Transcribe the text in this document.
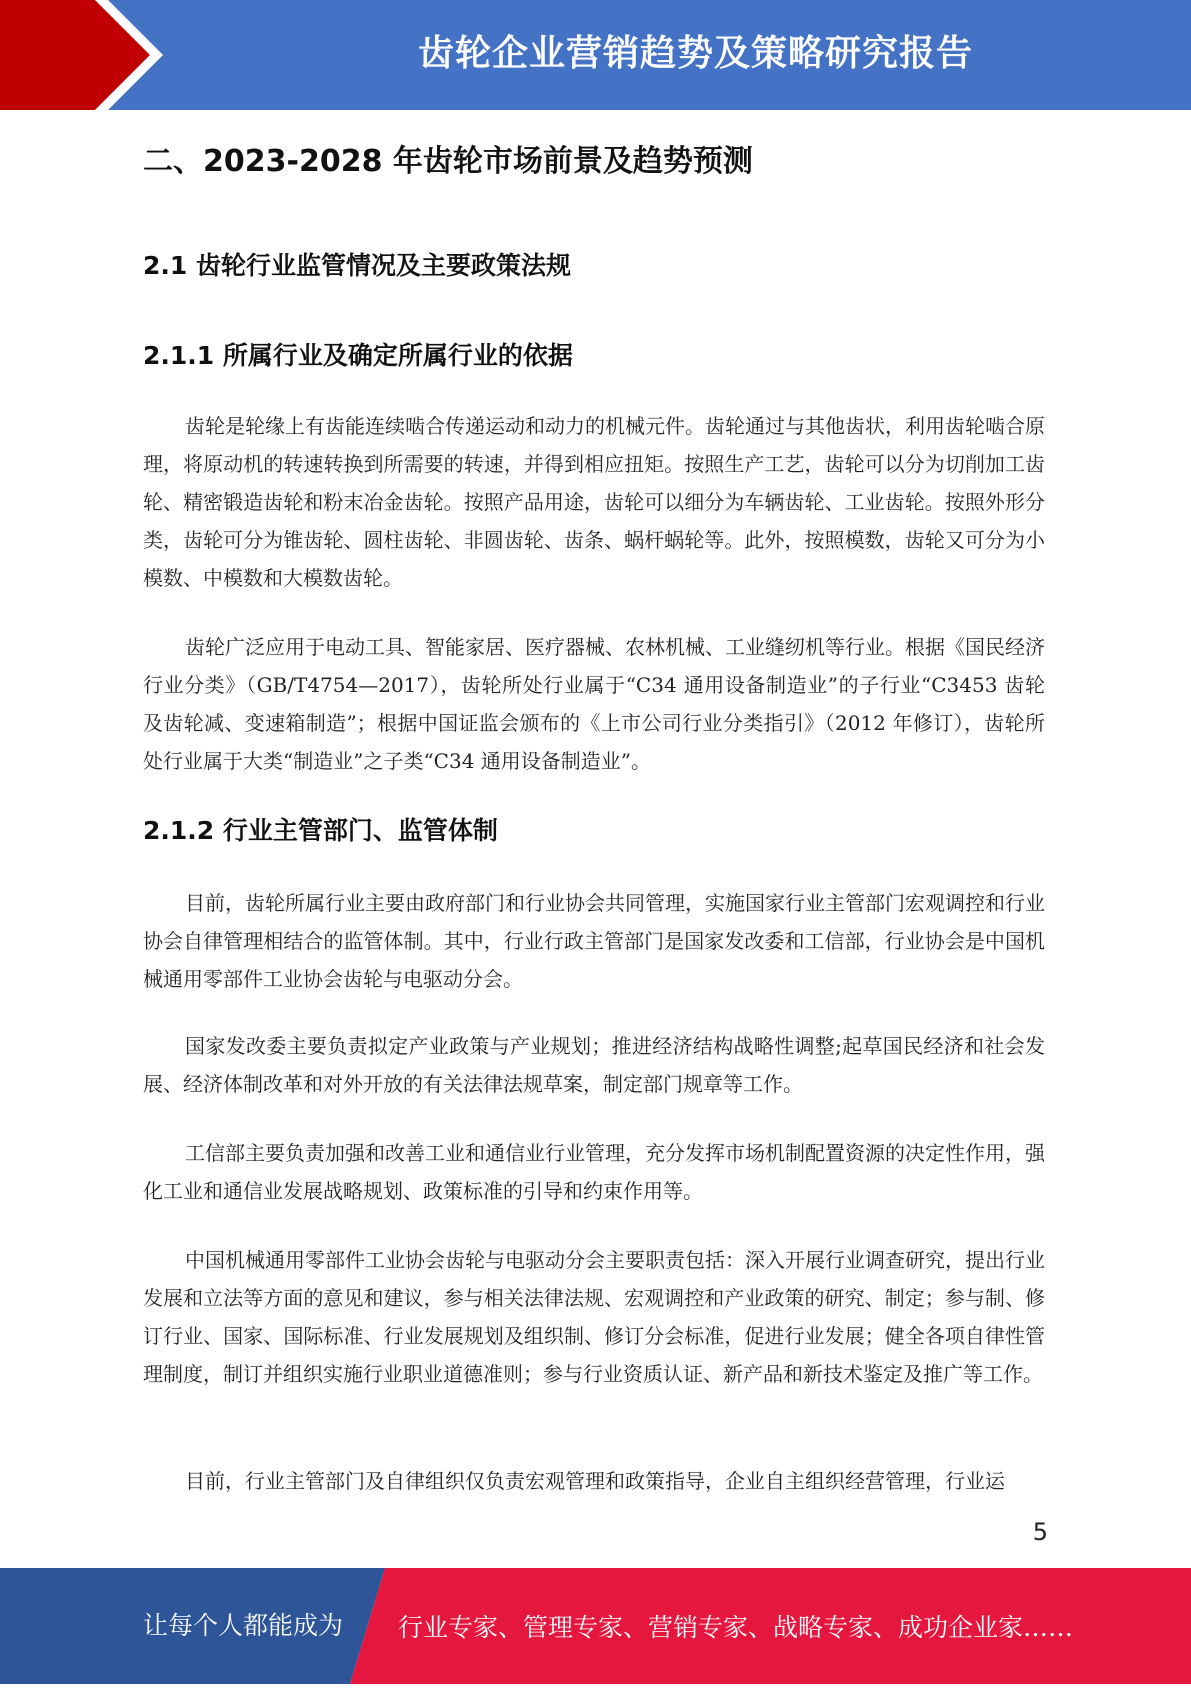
齿轮企业营销趋势及策略研究报告
二、2023-2028 年齿轮市场前景及趋势预测
2.1 齿轮行业监管情况及主要政策法规
2.1.1 所属行业及确定所属行业的依据

齿轮是轮缘上有齿能连续啮合传递运动和动力的机械元件。齿轮通过与其他齿状，利用齿轮啮合原理，将原动机的转速转换到所需要的转速，并得到相应扭矩。按照生产工艺，齿轮可以分为切削加工齿轮、精密锻造齿轮和粉末冶金齿轮。按照产品用途，齿轮可以细分为车辆齿轮、工业齿轮。按照外形分类，齿轮可分为锥齿轮、圆柱齿轮、非圆齿轮、齿条、蜗杆蜗轮等。此外，按照模数，齿轮又可分为小模数、中模数和大模数齿轮。

齿轮广泛应用于电动工具、智能家居、医疗器械、农林机械、工业缝纫机等行业。根据《国民经济行业分类》（GB/T4754—2017），齿轮所处行业属于“C34 通用设备制造业”的子行业“C3453 齿轮及齿轮减、变速箱制造”；根据中国证监会颁布的《上市公司行业分类指引》（2012 年修订），齿轮所处行业属于大类“制造业”之子类“C34 通用设备制造业”。

2.1.2 行业主管部门、监管体制

目前，齿轮所属行业主要由政府部门和行业协会共同管理，实施国家行业主管部门宏观调控和行业协会自律管理相结合的监管体制。其中，行业行政主管部门是国家发改委和工信部，行业协会是中国机械通用零部件工业协会齿轮与电驱动分会。

国家发改委主要负责拟定产业政策与产业规划；推进经济结构战略性调整;起草国民经济和社会发展、经济体制改革和对外开放的有关法律法规草案，制定部门规章等工作。

工信部主要负责加强和改善工业和通信业行业管理，充分发挥市场机制配置资源的决定性作用，强化工业和通信业发展战略规划、政策标准的引导和约束作用等。

中国机械通用零部件工业协会齿轮与电驱动分会主要职责包括：深入开展行业调查研究，提出行业发展和立法等方面的意见和建议，参与相关法律法规、宏观调控和产业政策的研究、制定；参与制、修订行业、国家、国际标准、行业发展规划及组织制、修订分会标准，促进行业发展；健全各项自律性管理制度，制订并组织实施行业职业道德准则；参与行业资质认证、新产品和新技术鉴定及推广等工作。

目前，行业主管部门及自律组织仅负责宏观管理和政策指导，企业自主组织经营管理，行业运

5
让每个人都能成为 行业专家、管理专家、营销专家、战略专家、成功企业家……
